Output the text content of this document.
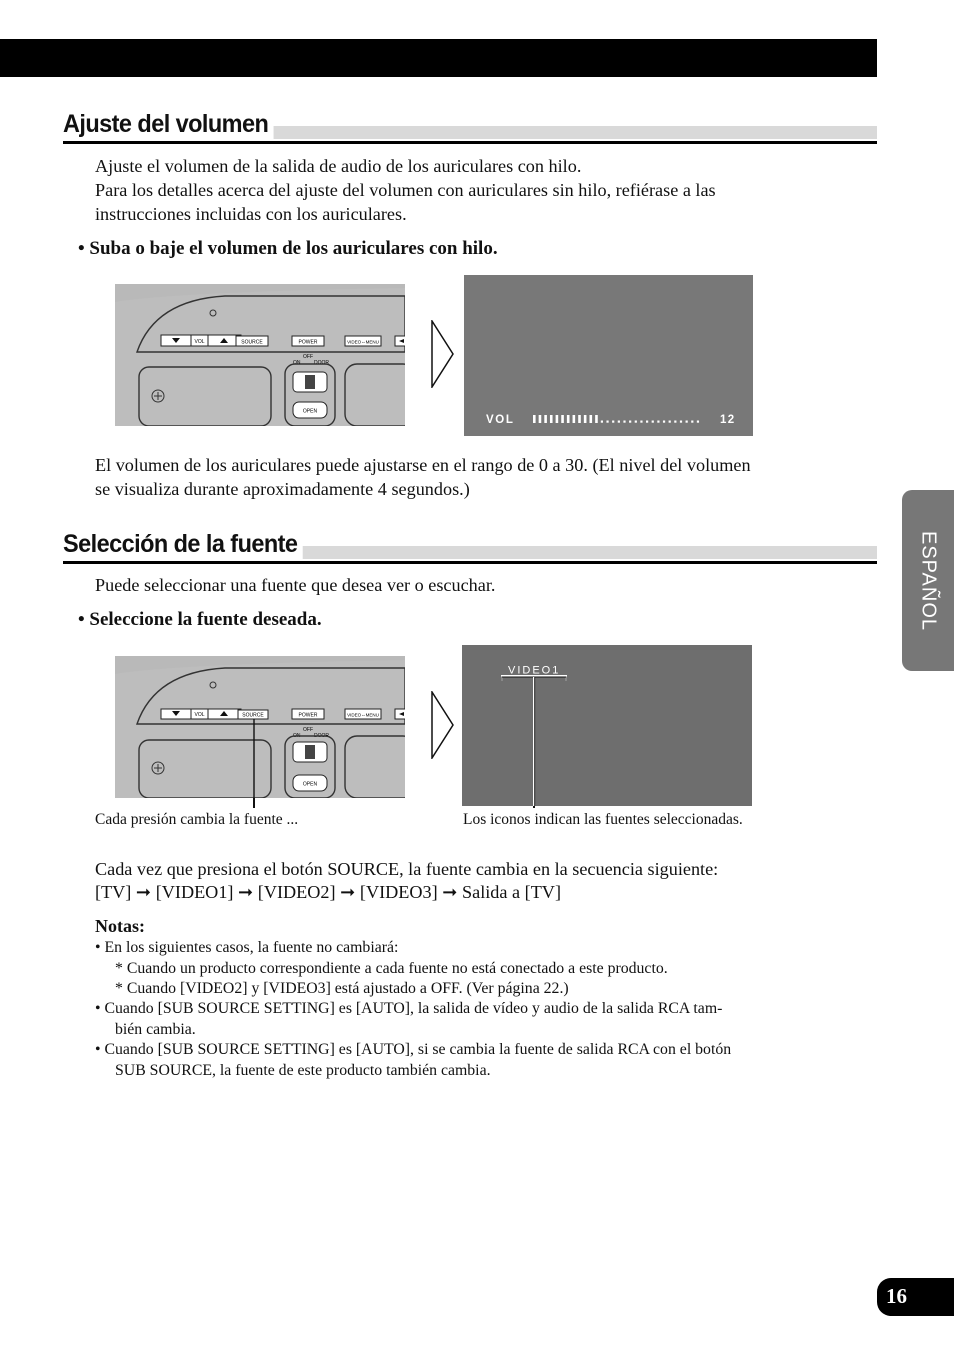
Ajuste del volumen

Ajuste el volumen de la salida de audio de los auriculares con hilo.

Para los detalles acerca del ajuste del volumen con auriculares sin hilo, refiérase a las

instrucciones incluidas con los auriculares.

• Suba o baje el volumen de los auriculares con hilo.

VOL	SOURCE	POWER	VIDEO⇔MENU
ON
OFF
DOOR
OPEN
VOL	12

El volumen de los auriculares puede ajustarse en el rango de 0 a 30. (El nivel del volumen

se visualiza durante aproximadamente 4 segundos.)

Selección de la fuente

Puede seleccionar una fuente que desea ver o escuchar.

• Seleccione la fuente deseada.

VOL	SOURCE	POWER	VIDEO⇔MENU
ON
OFF
DOOR
OPEN
VIDEO1
Cada presión cambia la fuente ...	Los iconos indican las fuentes seleccionadas.

Cada vez que presiona el botón SOURCE, la fuente cambia en la secuencia siguiente:

[TV] ➞ [VIDEO1] ➞ [VIDEO2] ➞ [VIDEO3] ➞ Salida a [TV]

Notas:
• En los siguientes casos, la fuente no cambiará:
* Cuando un producto correspondiente a cada fuente no está conectado a este producto.
* Cuando [VIDEO2] y [VIDEO3] está ajustado a OFF. (Ver página 22.)
• Cuando [SUB SOURCE SETTING] es [AUTO], la salida de vídeo y audio de la salida RCA tam-
bién cambia.
• Cuando [SUB SOURCE SETTING] es [AUTO], si se cambia la fuente de salida RCA con el botón
SUB SOURCE, la fuente de este producto también cambia.
ESPAÑOL
16
